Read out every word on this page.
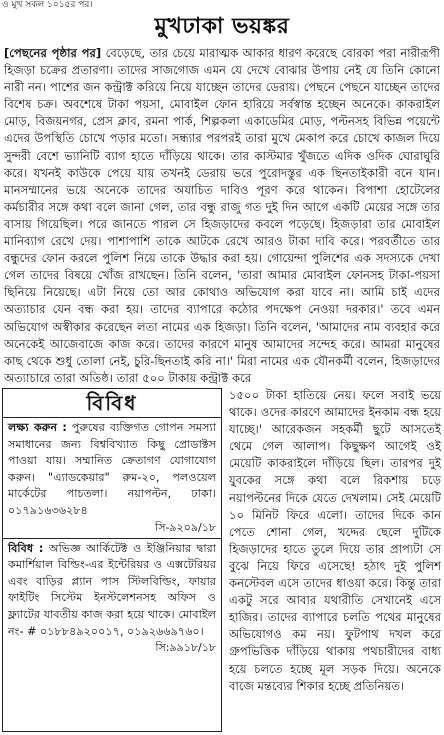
ও মুখ সকল ১০১৫র পর।
মুখঢাকা ভয়ঙ্কর
[পেছনের পৃষ্ঠার পর] বেড়েছে, তার চেয়ে মারাত্মক আকার ধারণ করেছে বোরকা পরা নারীরূপী হিজড়া চক্রের প্রতারণা। তাদের সাজগোজ এমন যে দেখে বোঝার উপায় নেই যে তিনি কোনো নারী নন। পাশের জন কন্ট্রাক্ট করিয়ে নিয়ে যাচ্ছেন তাদের ডেরায়। পেছনে পেছনে যাচ্ছেন তাদের বিশেষ চক্র। অবশেষে টাকা পয়সা, মোবাইল ফোন হারিয়ে সর্বস্বান্ত হচ্ছেন অনেকে। কাকরাইল মোড়, বিজয়নগর, প্রেস ক্লাব, রমনা পার্ক, শিল্পকলা একাডেমির মোড়, পল্টনসহ বিভিন্ন পয়েন্টে এদের উপস্থিতি চোখে পড়ার মতো। সন্ধ্যার পরপরই তারা মুখে মেকাপ করে চোখে কাজল দিয়ে সুন্দরী বেশে ভ্যানিটি ব্যাগ হাতে দাঁড়িয়ে থাকে। তার কাস্টমার খুঁজতে এদিক ওদিক ঘোরাঘুরি করে। যখনই কাউকে পেয়ে যায় তখনই ডেরায় ভরে পুরোদস্তুর এক ছিনতাইকারী বনে যান। মানসম্মানের ভয়ে অনেকে তাদের অযাচিত দাবিও পূরণ করে থাকেন। বিপাশা হোটেলের কর্মচারীর সঙ্গে কথা বলে জানা গেল, তার বন্ধু রাজু গত দুই দিন আগে একটি মেয়ের সঙ্গে তার বাসায় গিয়েছিল। পরে জানতে পারল সে হিজড়াদের কবলে পড়েছে। হিজড়ারা তার মোবাইল মানিব্যাগ রেখে দেয়। পাশাপাশি তাকে আটকে রেখে আরও টাকা দাবি করে। পরবর্তীতে তার বন্ধুদের ফোন করলে পুলিশ নিয়ে তাকে উদ্ধার করা হয়। গোয়েন্দা পুলিশের এক সদস্যকে দেখা গেল তাদের বিষয়ে খোঁজ রাখছেন। তিনি বলেন, 'তারা আমার মোবাইল ফোনসহ টাকা-পয়সা ছিনিয়ে নিয়েছে। এটা নিয়ে তো আর কোথাও অভিযোগ করা যাবে না। আমি চাই এদের অত্যাচার যেন বন্ধ করা হয়। তাদের ব্যাপারে কঠোর পদক্ষেপ নেওয়া দরকার।' তবে এমন অভিযোগ অস্বীকার করেছেন লতা নামের এক হিজড়া। তিনি বলেন, 'আমাদের নাম ব্যবহার করে অনেকেই আজেবাজে কাজ করে। তাদের কারণে মানুষ আমাদের সন্দেহ করে। আমরা মানুষের কাছ থেকে শুধু তোলা নেই, চুরি-ছিনতাই করি না।' মিরা নামের এক যৌনকর্মী বলেন, হিজড়াদের অত্যাচারে তারা অতিষ্ঠ। তারা ৫০০ টাকায় কন্ট্রাক্ট করে
বিবিধ
লক্ষ্য করুন : পুরুষের ব্যক্তিগত গোপন সমস্যা সমাধানের জন্য বিশ্ববিখ্যাত কিছু প্রোডাক্টস পাওয়া যায়। সম্মানিত ক্রেতাগণ যোগাযোগ করুন। "এ্যাডকেয়ার" রুম-২০, পলওয়েল মার্কেটের পাচতলা। নয়াপল্টন, ঢাকা। ০১৭৯১৬৩৬২৮৪
সি-৯২০৯/১৮
বিবিধ : অভিজ্ঞ আর্কিটেক্ট ও ইঞ্জিনিয়ার দ্বারা কমার্শিয়াল বিল্ডিং-এর ইন্টেরিয়র ও এক্সটেরিয়র এবং বাড়ির প্ল্যান পাস স্টিলবিল্ডিং, ফায়ার ফাইটিং সিস্টেম ইনস্টলেশনসহ অফিস ও ফ্ল্যাটের যাবতীয় কাজ করা হয়ে থাকে। মোবাইল নং- # ০১৮৮৪৯২০০১৭, ০১৯২৬৬৯৭৬০।
সি:৯৯১৮/১৮
১৫০০ টাকা হাতিয়ে নেয়। ফলে সবাই ভয়ে থাকে। ওদের কারণে আমাদের ইনকাম বন্ধ হয়ে যাচ্ছে।' আরেকজন সহকর্মী ছুটে আসতেই থেমে গেল আলাপ। কিছুক্ষণ আগেই ওই মেয়েটি কাকরাইলে দাঁড়িয়ে ছিল। তারপর দুই যুবকের সঙ্গে কথা বলে রিকশায় চড়ে নয়াপল্টনের দিকে যেতে দেখলাম। সেই মেয়েটি ১০ মিনিট ফিরে এলো। তাদের দিকে কান পেতে শোনা গেল, খদ্দের ছেলে দুটিকে হিজড়াদের হাতে তুলে দিয়ে তার প্রাপ্যটা সে বুঝে নিয়ে ফিরে এসেছে! হঠাৎ দুই পুলিশ কনস্টেবল এসে তাদের ধাওয়া করে। কিন্তু তারা একটু সরে আবার যথারীতি সেখানেই এসে হাজির। তাদের ব্যাপারে চলতি পথের মানুষের অভিযোগও কম নয়। ফুটপাথ দখল করে গ্রুপভিত্তিক দাঁড়িয়ে থাকায় পথচারীদের বাধ্য হয়ে চলতে হচ্ছে মূল সড়ক দিয়ে। অনেকে বাজে মন্তব্যের শিকার হচ্ছে প্রতিনিয়ত।
